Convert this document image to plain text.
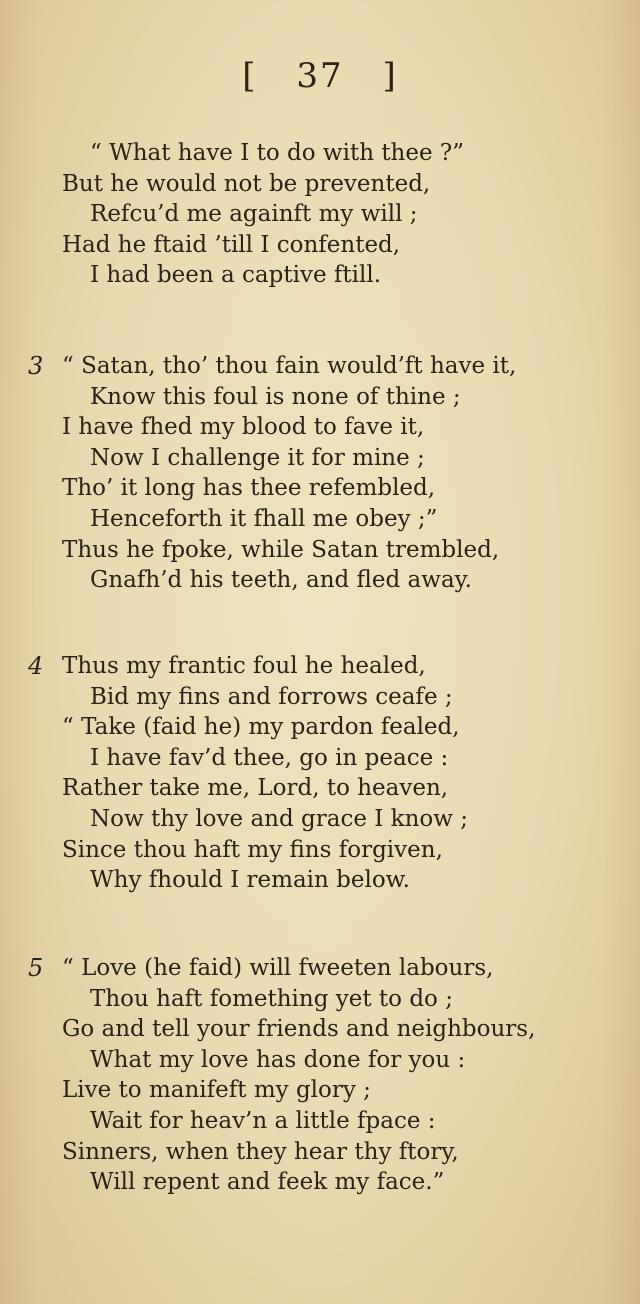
[ 37 ]

“ What have I to do with thee ?”

But he would not be prevented,

Refcu’d me againft my will ;

Had he ftaid ’till I confented,

I had been a captive ftill.

3 “ Satan, tho’ thou fain would’ft have it,

Know this foul is none of thine ;

I have fhed my blood to fave it,

Now I challenge it for mine ;

Tho’ it long has thee refembled,

Henceforth it fhall me obey ;”

Thus he fpoke, while Satan trembled,

Gnafh’d his teeth, and fled away.

4 Thus my frantic foul he healed,

Bid my fins and forrows ceafe ;

“ Take (faid he) my pardon fealed,

I have fav’d thee, go in peace :

Rather take me, Lord, to heaven,

Now thy love and grace I know ;

Since thou haft my fins forgiven,

Why fhould I remain below.

5 “ Love (he faid) will fweeten labours,

Thou haft fomething yet to do ;

Go and tell your friends and neighbours,

What my love has done for you :

Live to manifeft my glory ;

Wait for heav’n a little fpace :

Sinners, when they hear thy ftory,

Will repent and feek my face.”
